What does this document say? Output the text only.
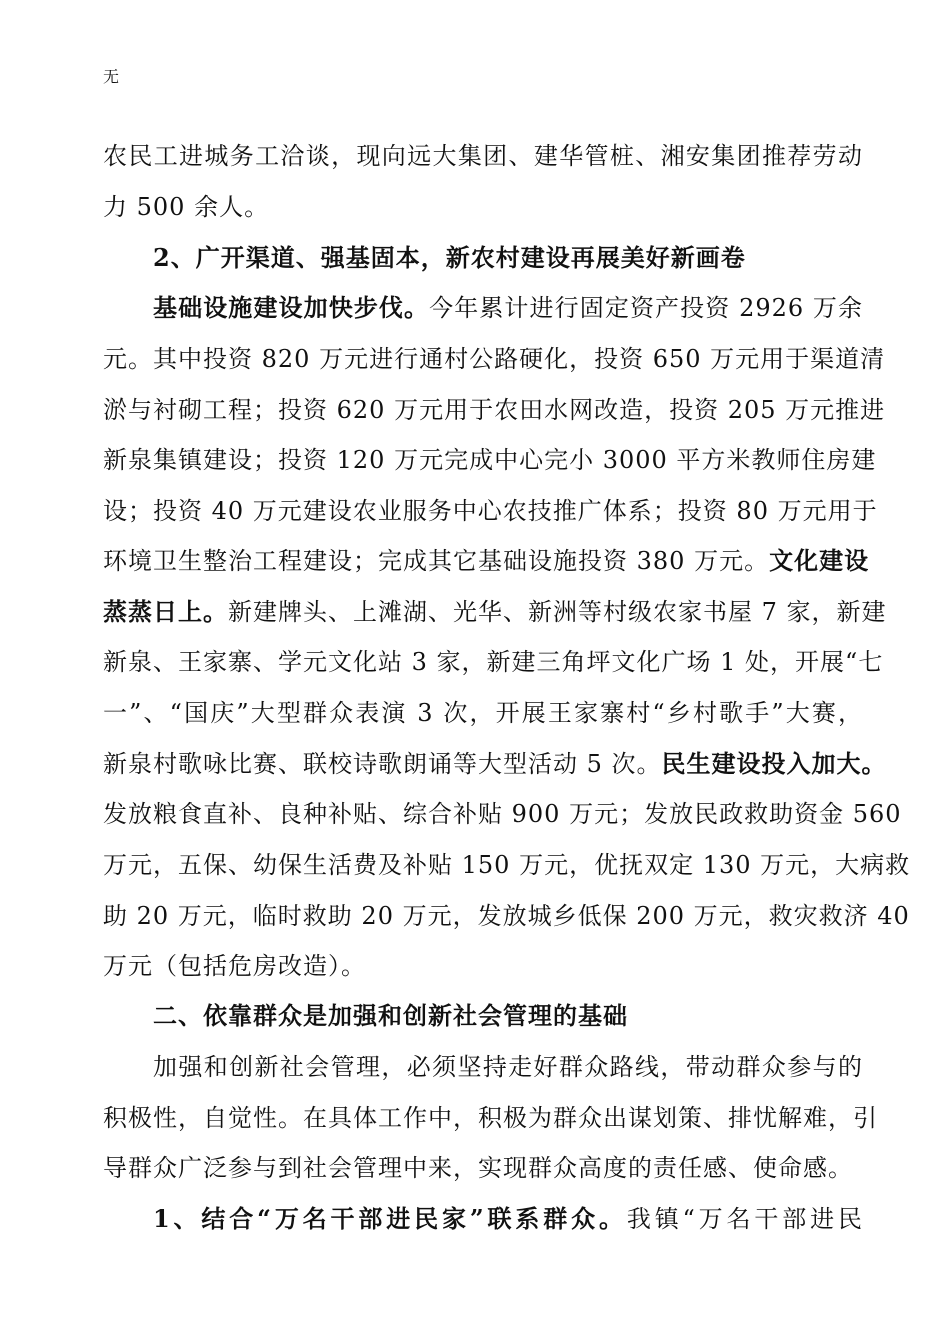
无
农民工进城务工洽谈，现向远大集团、建华管桩、湘安集团推荐劳动
力 500 余人。
2、广开渠道、强基固本，新农村建设再展美好新画卷
基础设施建设加快步伐。今年累计进行固定资产投资 2926 万余
元。其中投资 820 万元进行通村公路硬化，投资 650 万元用于渠道清
淤与衬砌工程；投资 620 万元用于农田水网改造，投资 205 万元推进
新泉集镇建设；投资 120 万元完成中心完小 3000 平方米教师住房建
设；投资 40 万元建设农业服务中心农技推广体系；投资 80 万元用于
环境卫生整治工程建设；完成其它基础设施投资 380 万元。文化建设
蒸蒸日上。新建牌头、上滩湖、光华、新洲等村级农家书屋 7 家，新建
新泉、王家寨、学元文化站 3 家，新建三角坪文化广场 1 处，开展“七
一”、“国庆”大型群众表演 3 次，开展王家寨村“乡村歌手”大赛，
新泉村歌咏比赛、联校诗歌朗诵等大型活动 5 次。民生建设投入加大。
发放粮食直补、良种补贴、综合补贴 900 万元；发放民政救助资金 560
万元，五保、幼保生活费及补贴 150 万元，优抚双定 130 万元，大病救
助 20 万元，临时救助 20 万元，发放城乡低保 200 万元，救灾救济 40
万元（包括危房改造）。
二、依靠群众是加强和创新社会管理的基础
加强和创新社会管理，必须坚持走好群众路线，带动群众参与的
积极性，自觉性。在具体工作中，积极为群众出谋划策、排忧解难，引
导群众广泛参与到社会管理中来，实现群众高度的责任感、使命感。
1、结合“万名干部进民家”联系群众。我镇“万名干部进民
